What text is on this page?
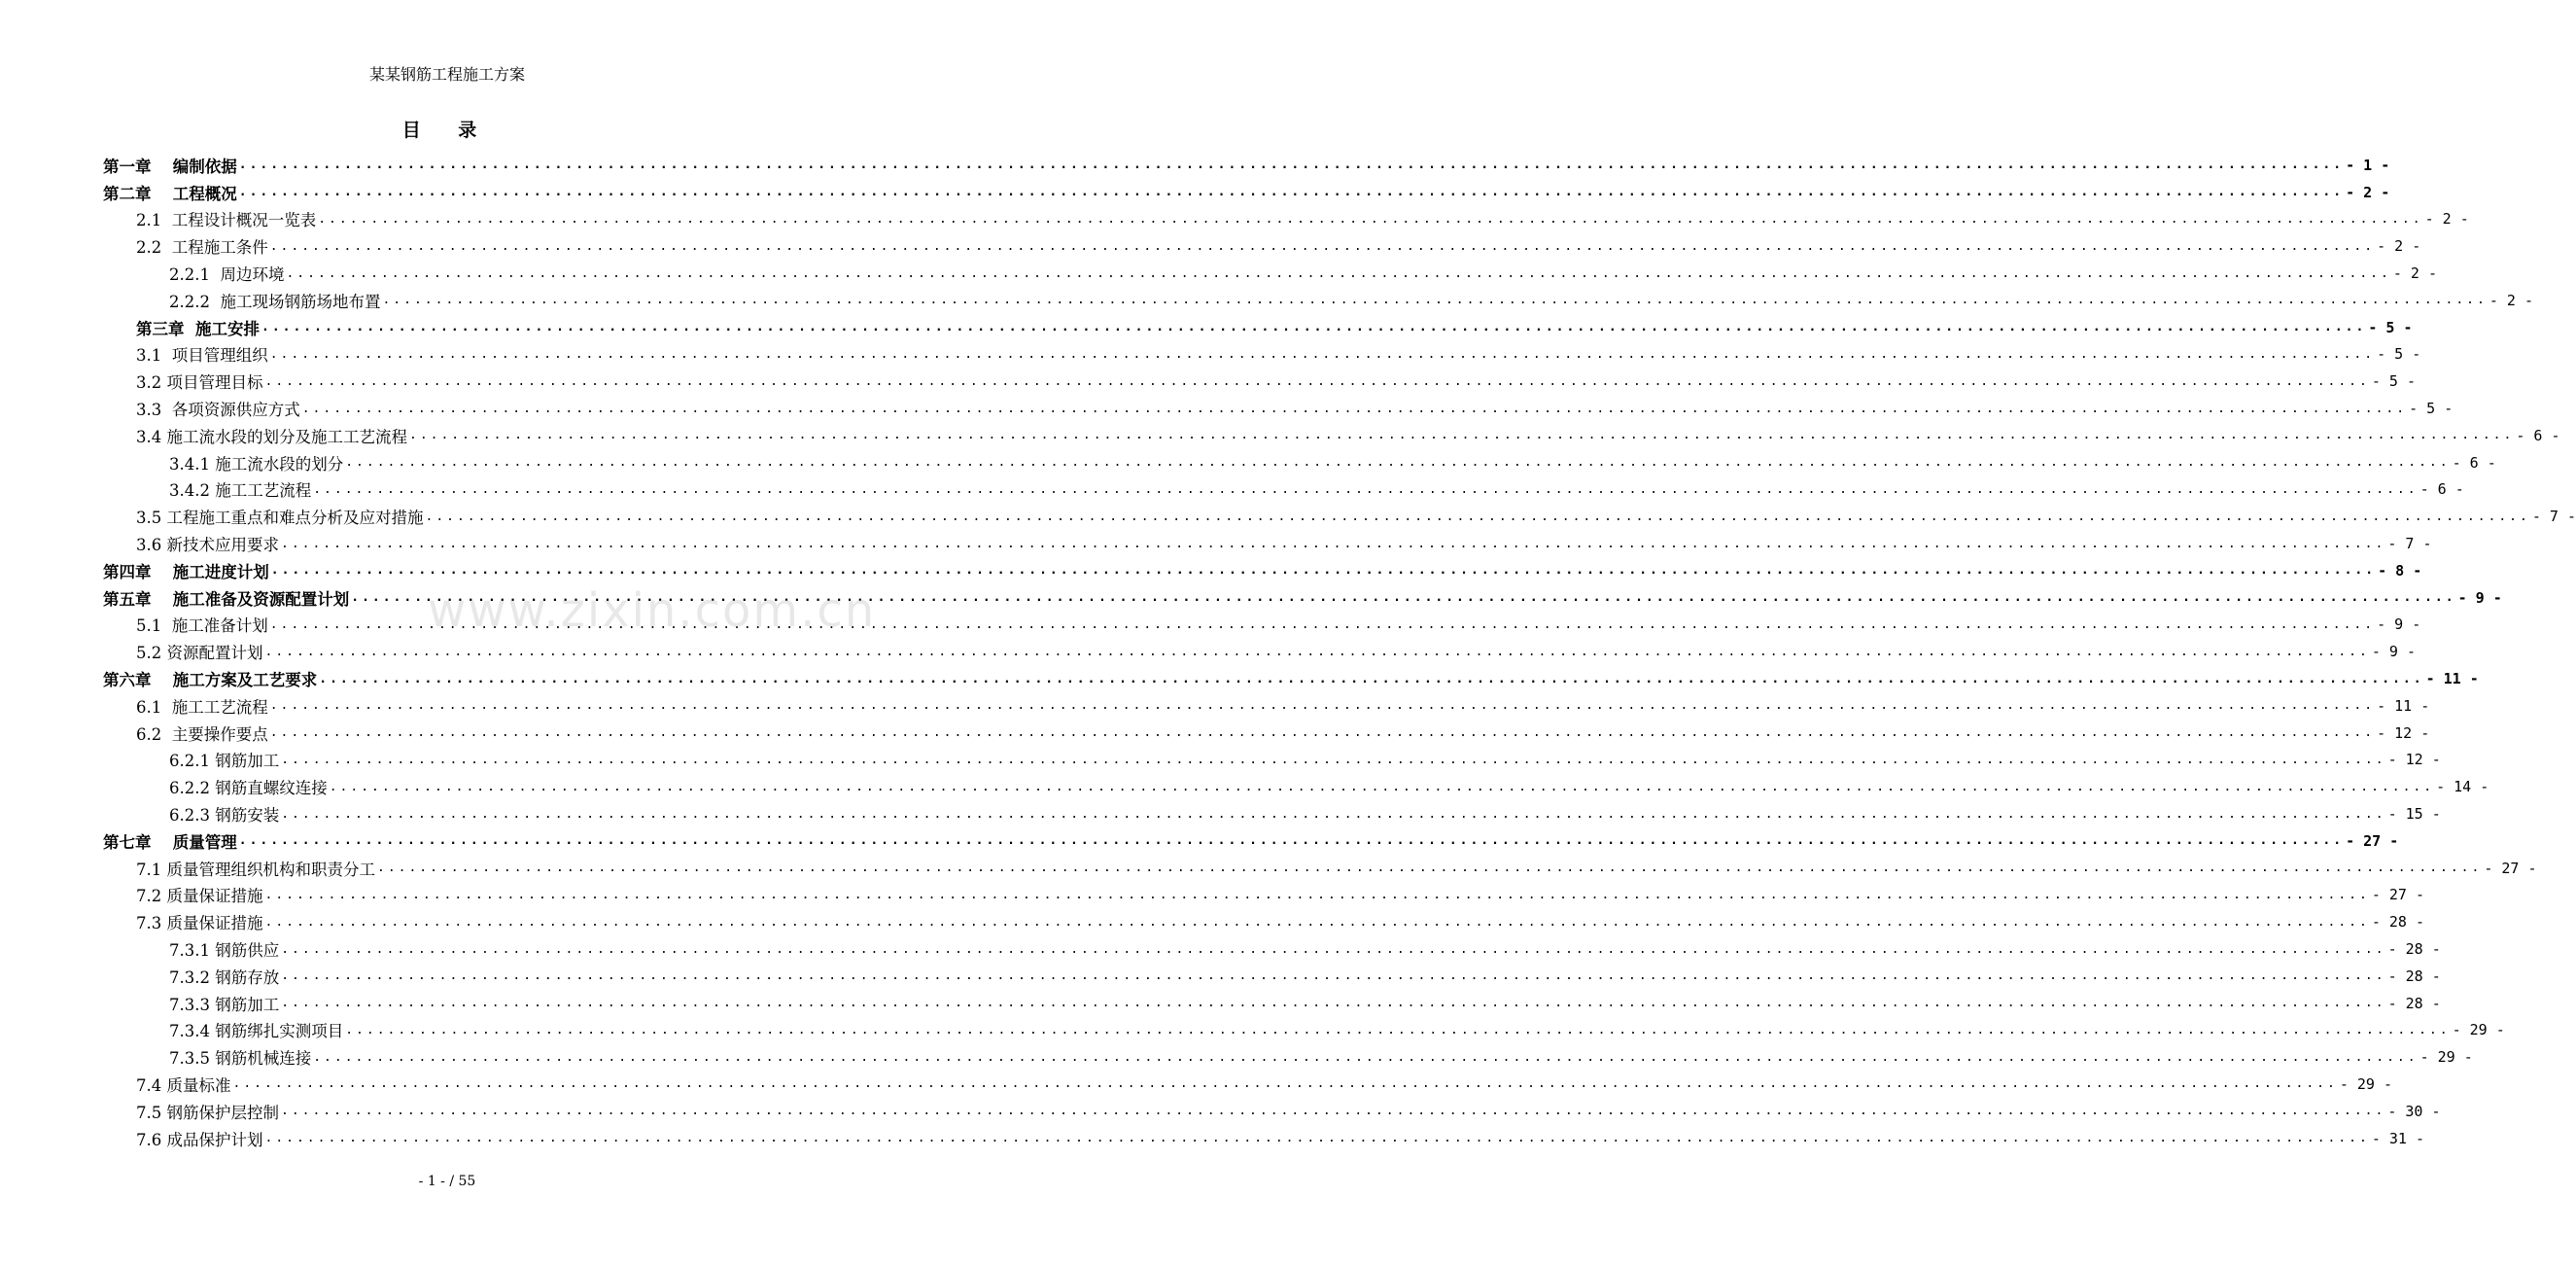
某某钢筋工程施工方案
目 录
第一章　 编制依据 ........................................................................................................................................................................................................ - 1 -
第二章　 工程概况 ........................................................................................................................................................................................................ - 2 -
2.1  工程设计概况一览表 ........................................................................................................................................................................................................ - 2 -
2.2  工程施工条件 ........................................................................................................................................................................................................ - 2 -
2.2.1  周边环境 ........................................................................................................................................................................................................ - 2 -
2.2.2  施工现场钢筋场地布置 ........................................................................................................................................................................................................ - 2 -
第三章  施工安排 ........................................................................................................................................................................................................ - 5 -
3.1  项目管理组织 ........................................................................................................................................................................................................ - 5 -
3.2 项目管理目标 ........................................................................................................................................................................................................ - 5 -
3.3  各项资源供应方式 ........................................................................................................................................................................................................ - 5 -
3.4 施工流水段的划分及施工工艺流程 ........................................................................................................................................................................................................ - 6 -
3.4.1 施工流水段的划分 ........................................................................................................................................................................................................ - 6 -
3.4.2 施工工艺流程 ........................................................................................................................................................................................................ - 6 -
3.5 工程施工重点和难点分析及应对措施 ........................................................................................................................................................................................................ - 7 -
3.6 新技术应用要求 ........................................................................................................................................................................................................ - 7 -
第四章　 施工进度计划 ........................................................................................................................................................................................................ - 8 -
第五章　 施工准备及资源配置计划 ........................................................................................................................................................................................................ - 9 -
5.1  施工准备计划 ........................................................................................................................................................................................................ - 9 -
5.2 资源配置计划 ........................................................................................................................................................................................................ - 9 -
第六章　 施工方案及工艺要求 ........................................................................................................................................................................................................ - 11 -
6.1  施工工艺流程 ........................................................................................................................................................................................................ - 11 -
6.2  主要操作要点 ........................................................................................................................................................................................................ - 12 -
6.2.1 钢筋加工 ........................................................................................................................................................................................................ - 12 -
6.2.2 钢筋直螺纹连接 ........................................................................................................................................................................................................ - 14 -
6.2.3 钢筋安装 ........................................................................................................................................................................................................ - 15 -
第七章　 质量管理 ........................................................................................................................................................................................................ - 27 -
7.1 质量管理组织机构和职责分工 ........................................................................................................................................................................................................ - 27 -
7.2 质量保证措施 ........................................................................................................................................................................................................ - 27 -
7.3 质量保证措施 ........................................................................................................................................................................................................ - 28 -
7.3.1 钢筋供应 ........................................................................................................................................................................................................ - 28 -
7.3.2 钢筋存放 ........................................................................................................................................................................................................ - 28 -
7.3.3 钢筋加工 ........................................................................................................................................................................................................ - 28 -
7.3.4 钢筋绑扎实测项目 ........................................................................................................................................................................................................ - 29 -
7.3.5 钢筋机械连接 ........................................................................................................................................................................................................ - 29 -
7.4 质量标准 ........................................................................................................................................................................................................ - 29 -
7.5 钢筋保护层控制 ........................................................................................................................................................................................................ - 30 -
7.6 成品保护计划 ........................................................................................................................................................................................................ - 31 -
www.zixin.com.cn
- 1 - / 55
